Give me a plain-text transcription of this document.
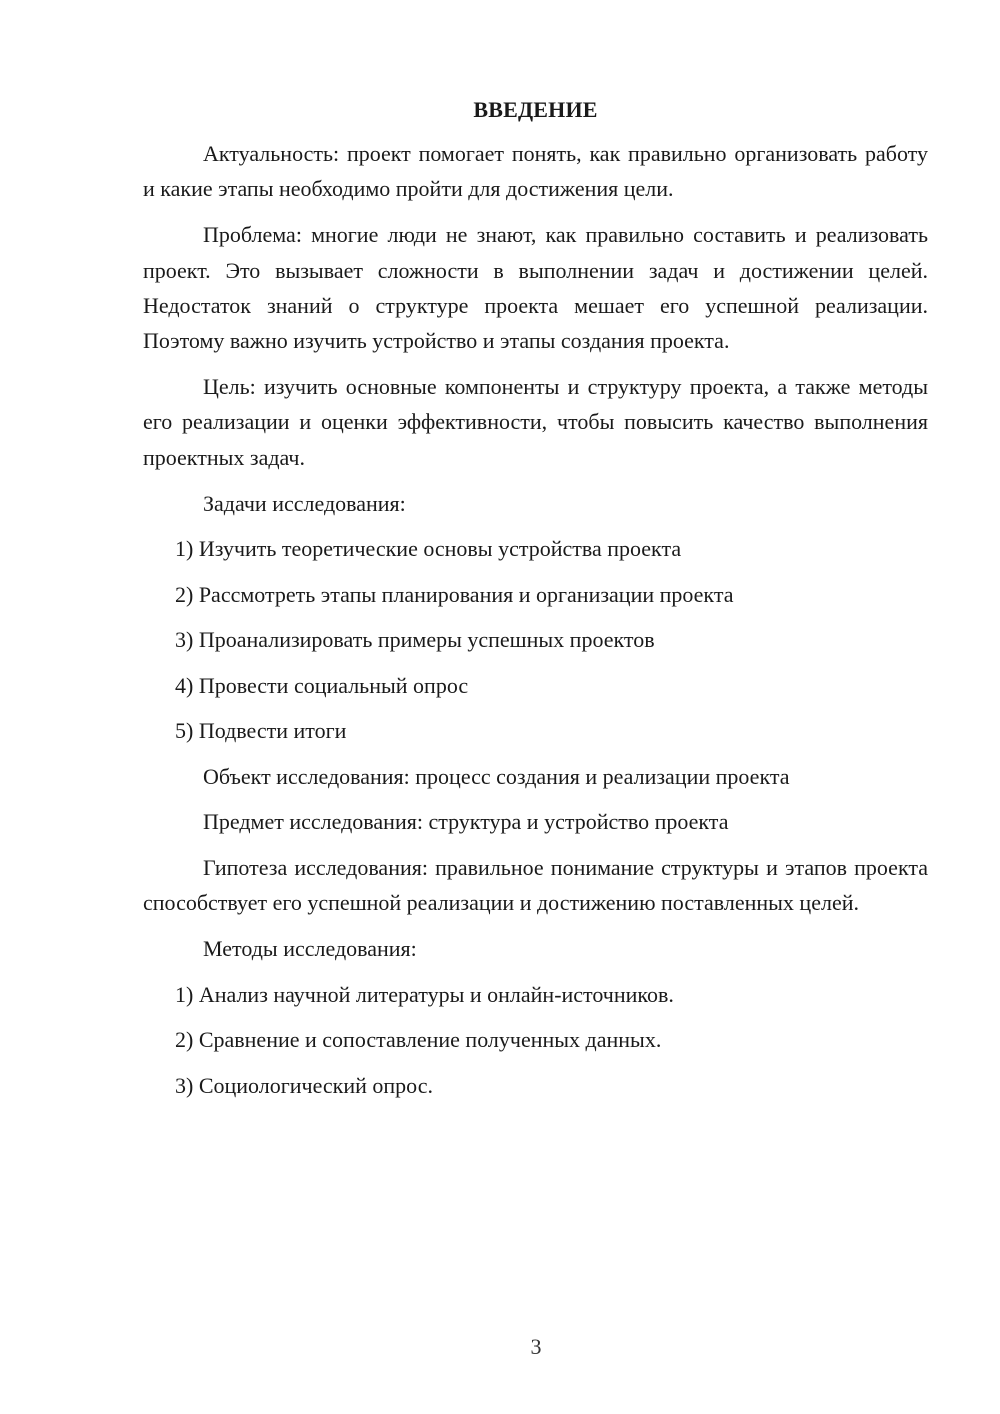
ВВЕДЕНИЕ

Актуальность: проект помогает понять, как правильно организовать работу и какие этапы необходимо пройти для достижения цели.

Проблема: многие люди не знают, как правильно составить и реализовать проект. Это вызывает сложности в выполнении задач и достижении целей. Недостаток знаний о структуре проекта мешает его успешной реализации. Поэтому важно изучить устройство и этапы создания проекта.

Цель: изучить основные компоненты и структуру проекта, а также методы его реализации и оценки эффективности, чтобы повысить качество выполнения проектных задач.

Задачи исследования:

1) Изучить теоретические основы устройства проекта
2) Рассмотреть этапы планирования и организации проекта
3) Проанализировать примеры успешных проектов
4) Провести социальный опрос
5) Подвести итоги

Объект исследования: процесс создания и реализации проекта

Предмет исследования: структура и устройство проекта

Гипотеза исследования: правильное понимание структуры и этапов проекта способствует его успешной реализации и достижению поставленных целей.

Методы исследования:

1) Анализ научной литературы и онлайн-источников.
2) Сравнение и сопоставление полученных данных.
3) Социологический опрос.
3
